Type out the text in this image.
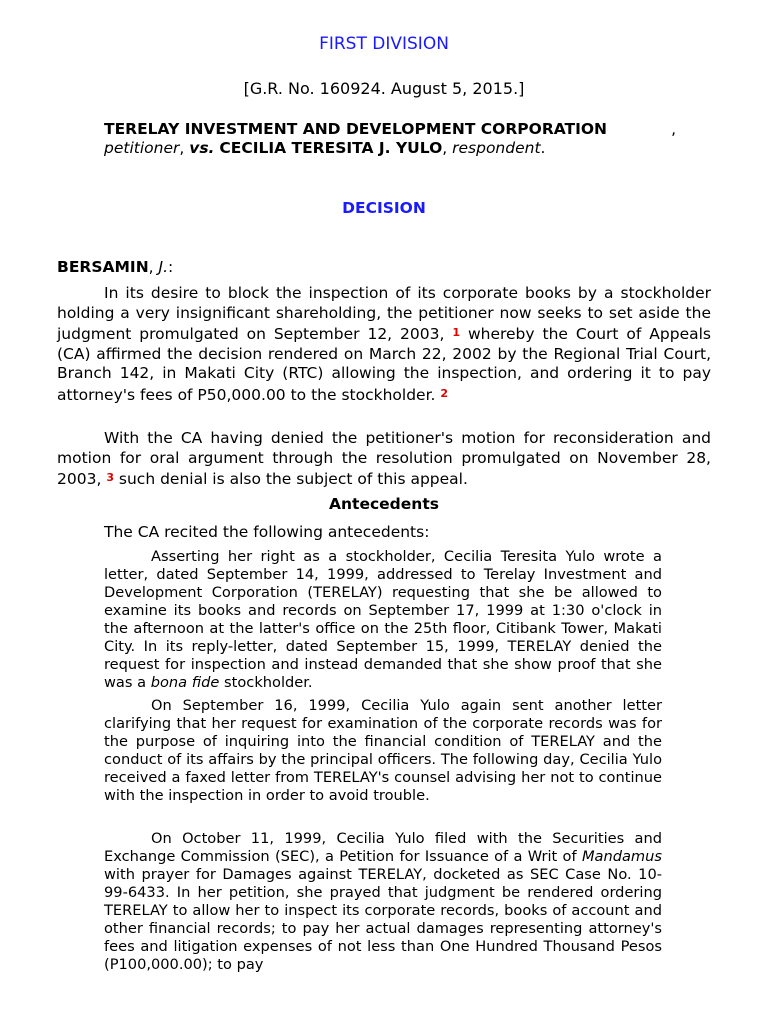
FIRST DIVISION
[G.R. No. 160924. August 5, 2015.]
TERELAY INVESTMENT AND DEVELOPMENT CORPORATION	,
petitioner, vs. CECILIA TERESITA J. YULO, respondent.
DECISION
BERSAMIN, J.:

In its desire to block the inspection of its corporate books by a stockholder holding a very insignificant shareholding, the petitioner now seeks to set aside the judgment promulgated on September 12, 2003, 1 whereby the Court of Appeals (CA) affirmed the decision rendered on March 22, 2002 by the Regional Trial Court, Branch 142, in Makati City (RTC) allowing the inspection, and ordering it to pay attorney's fees of P50,000.00 to the stockholder. 2

With the CA having denied the petitioner's motion for reconsideration and motion for oral argument through the resolution promulgated on November 28, 2003, 3 such denial is also the subject of this appeal.

Antecedents

The CA recited the following antecedents:

Asserting her right as a stockholder, Cecilia Teresita Yulo wrote a letter, dated September 14, 1999, addressed to Terelay Investment and Development Corporation (TERELAY) requesting that she be allowed to examine its books and records on September 17, 1999 at 1:30 o'clock in the afternoon at the latter's office on the 25th floor, Citibank Tower, Makati City. In its reply-letter, dated September 15, 1999, TERELAY denied the request for inspection and instead demanded that she show proof that she was a bona fide stockholder.

On September 16, 1999, Cecilia Yulo again sent another letter clarifying that her request for examination of the corporate records was for the purpose of inquiring into the financial condition of TERELAY and the conduct of its affairs by the principal officers. The following day, Cecilia Yulo received a faxed letter from TERELAY's counsel advising her not to continue with the inspection in order to avoid trouble.

On October 11, 1999, Cecilia Yulo filed with the Securities and Exchange Commission (SEC), a Petition for Issuance of a Writ of Mandamus with prayer for Damages against TERELAY, docketed as SEC Case No. 10-99-6433. In her petition, she prayed that judgment be rendered ordering TERELAY to allow her to inspect its corporate records, books of account and other financial records; to pay her actual damages representing attorney's fees and litigation expenses of not less than One Hundred Thousand Pesos (P100,000.00); to pay
